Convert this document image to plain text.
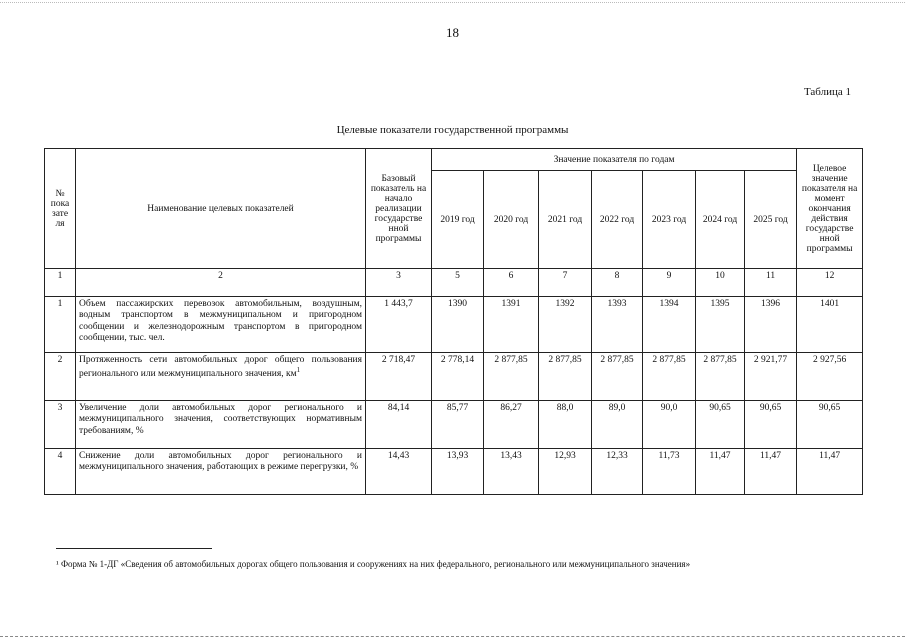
18
Таблица 1
Целевые показатели государственной программы
№ пока зате ля	Наименование целевых показателей	Базовый показатель на начало реализации государстве нной программы	Значение показателя по годам							Целевое значение показателя на момент окончания действия государстве нной программы
			2019 год	2020 год	2021 год	2022 год	2023 год	2024 год	2025 год	
1	2	3	5	6	7	8	9	10	11	12
1	Объем пассажирских перевозок автомобильным, воздушным, водным транспортом в межмуниципальном и пригородном сообщении и железнодорожным транспортом в пригородном сообщении, тыс. чел.	1 443,7	1390	1391	1392	1393	1394	1395	1396	1401
2	Протяженность сети автомобильных дорог общего пользования регионального или межмуниципального значения, $км^1$	2 718,47	2 778,14	2 877,85	2 877,85	2 877,85	2 877,85	2 877,85	2 921,77	2 927,56
3	Увеличение доли автомобильных дорог регионального и межмуниципального значения, соответствующих нормативным требованиям, %	84,14	85,77	86,27	88,0	89,0	90,0	90,65	90,65	90,65
4	Снижение доли автомобильных дорог регионального и межмуниципального значения, работающих в режиме перегрузки, %	14,43	13,93	13,43	12,93	12,33	11,73	11,47	11,47	11,47
¹ Форма № 1-ДГ «Сведения об автомобильных дорогах общего пользования и сооружениях на них федерального, регионального или межмуниципального значения»
